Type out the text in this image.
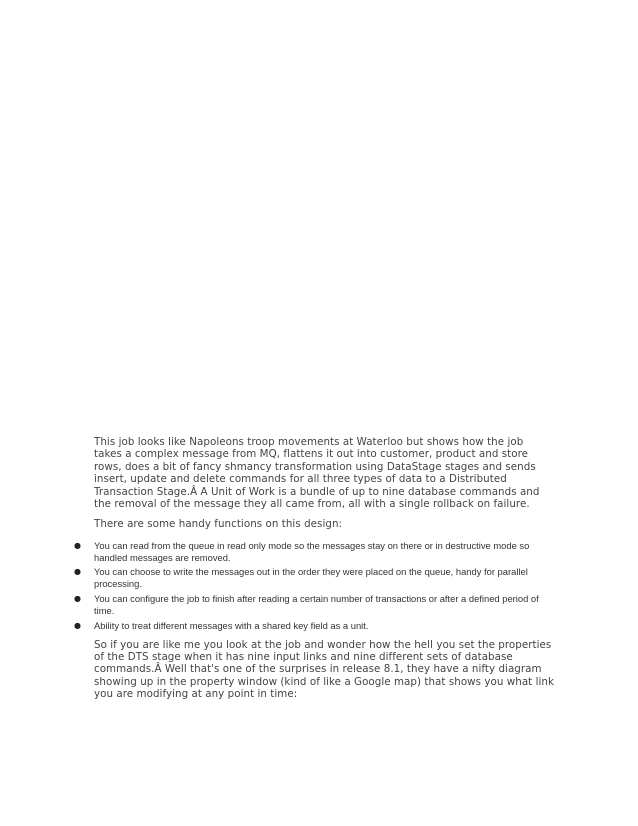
This job looks like Napoleons troop movements at Waterloo but shows how the job takes a complex message from MQ, flattens it out into customer, product and store rows, does a bit of fancy shmancy transformation using DataStage stages and sends insert, update and delete commands for all three types of data to a Distributed Transaction Stage.Â A Unit of Work is a bundle of up to nine database commands and the removal of the message they all came from, all with a single rollback on failure.

There are some handy functions on this design:

● You can read from the queue in read only mode so the messages stay on there or in destructive mode so handled messages are removed.
● You can choose to write the messages out in the order they were placed on the queue, handy for parallel processing.
● You can configure the job to finish after reading a certain number of transactions or after a defined period of time.
● Ability to treat different messages with a shared key field as a unit.

So if you are like me you look at the job and wonder how the hell you set the properties of the DTS stage when it has nine input links and nine different sets of database commands.Â Well that's one of the surprises in release 8.1, they have a nifty diagram showing up in the property window (kind of like a Google map) that shows you what link you are modifying at any point in time:
